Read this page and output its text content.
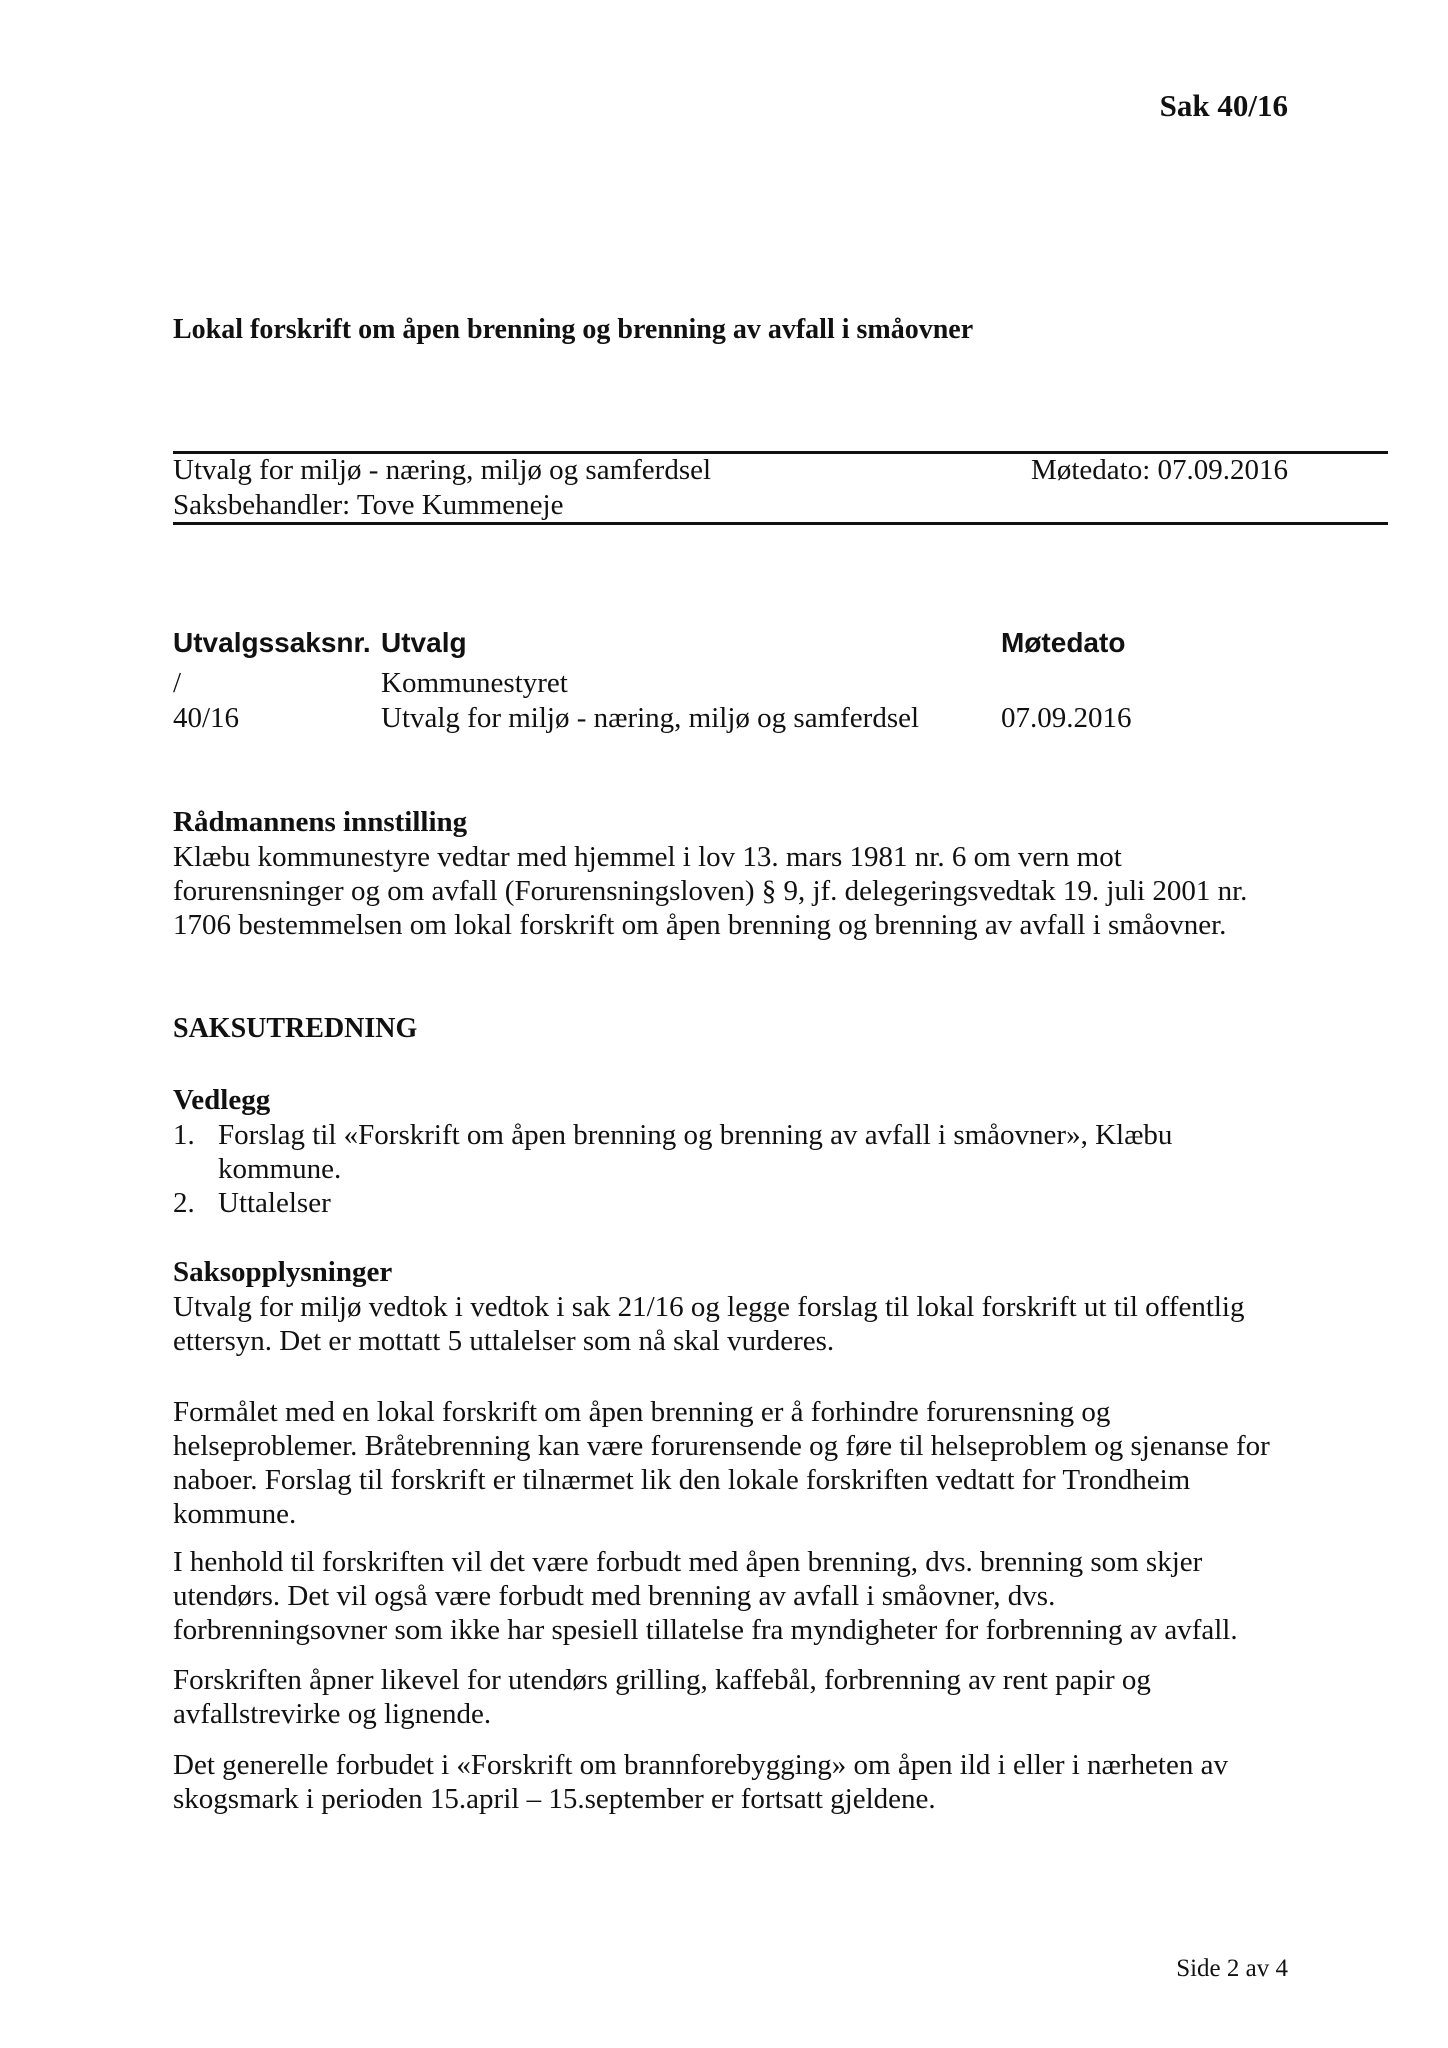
Sak 40/16
Lokal forskrift om åpen brenning og brenning av avfall i småovner
Utvalg for miljø - næring, miljø og samferdsel	Møtedato: 07.09.2016
Saksbehandler: Tove Kummeneje
Utvalgssaksnr. Utvalg	Møtedato
/	Kommunestyret
40/16	Utvalg for miljø - næring, miljø og samferdsel	07.09.2016
Rådmannens innstilling
Klæbu kommunestyre vedtar med hjemmel i lov 13. mars 1981 nr. 6 om vern mot
forurensninger og om avfall (Forurensningsloven) § 9, jf. delegeringsvedtak 19. juli 2001 nr.
1706 bestemmelsen om lokal forskrift om åpen brenning og brenning av avfall i småovner.
SAKSUTREDNING
Vedlegg
1. Forslag til «Forskrift om åpen brenning og brenning av avfall i småovner», Klæbu
kommune.
2. Uttalelser
Saksopplysninger
Utvalg for miljø vedtok i vedtok i sak 21/16 og legge forslag til lokal forskrift ut til offentlig
ettersyn. Det er mottatt 5 uttalelser som nå skal vurderes.
Formålet med en lokal forskrift om åpen brenning er å forhindre forurensning og
helseproblemer. Bråtebrenning kan være forurensende og føre til helseproblem og sjenanse for
naboer. Forslag til forskrift er tilnærmet lik den lokale forskriften vedtatt for Trondheim
kommune.
I henhold til forskriften vil det være forbudt med åpen brenning, dvs. brenning som skjer
utendørs. Det vil også være forbudt med brenning av avfall i småovner, dvs.
forbrenningsovner som ikke har spesiell tillatelse fra myndigheter for forbrenning av avfall.
Forskriften åpner likevel for utendørs grilling, kaffebål, forbrenning av rent papir og
avfallstrevirke og lignende.
Det generelle forbudet i «Forskrift om brannforebygging» om åpen ild i eller i nærheten av
skogsmark i perioden 15.april – 15.september er fortsatt gjeldene.
Side 2 av 4
